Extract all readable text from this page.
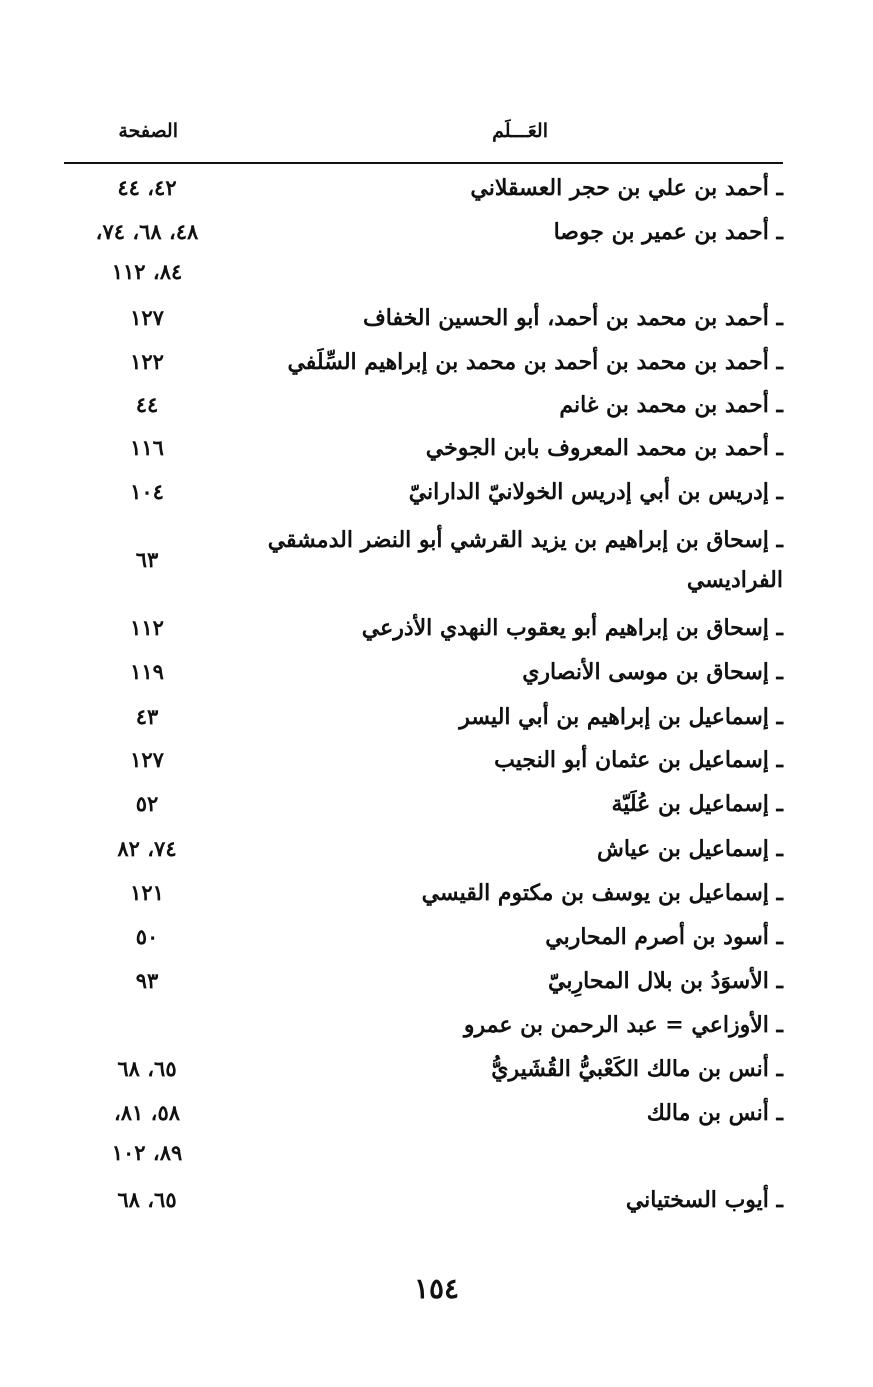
العَـــلَم
الصفحة
ـ أحمد بن علي بن حجر العسقلاني
٤٢، ٤٤
ـ أحمد بن عمير بن جوصا
٤٨، ٦٨، ٧٤،
٨٤، ١١٢
ـ أحمد بن محمد بن أحمد، أبو الحسين الخفاف
١٢٧
ـ أحمد بن محمد بن أحمد بن محمد بن إبراهيم السِّلَفي
١٢٢
ـ أحمد بن محمد بن غانم
٤٤
ـ أحمد بن محمد المعروف بابن الجوخي
١١٦
ـ إدريس بن أبي إدريس الخولانيّ الدارانيّ
١٠٤
ـ إسحاق بن إبراهيم بن يزيد القرشي أبو النضر الدمشقي الفراديسي
٦٣
ـ إسحاق بن إبراهيم أبو يعقوب النهدي الأذرعي
١١٢
ـ إسحاق بن موسى الأنصاري
١١٩
ـ إسماعيل بن إبراهيم بن أبي اليسر
٤٣
ـ إسماعيل بن عثمان أبو النجيب
١٢٧
ـ إسماعيل بن عُلَيّة
٥٢
ـ إسماعيل بن عياش
٧٤، ٨٢
ـ إسماعيل بن يوسف بن مكتوم القيسي
١٢١
ـ أسود بن أصرم المحاربي
٥٠
ـ الأسوَدُ بن بلال المحارِبيّ
٩٣
ـ الأوزاعي = عبد الرحمن بن عمرو
ـ أنس بن مالك الكَعْبيُّ القُشَيريُّ
٦٥، ٦٨
ـ أنس بن مالك
٥٨، ٨١،
٨٩، ١٠٢
ـ أيوب السختياني
٦٥، ٦٨
١٥٤
